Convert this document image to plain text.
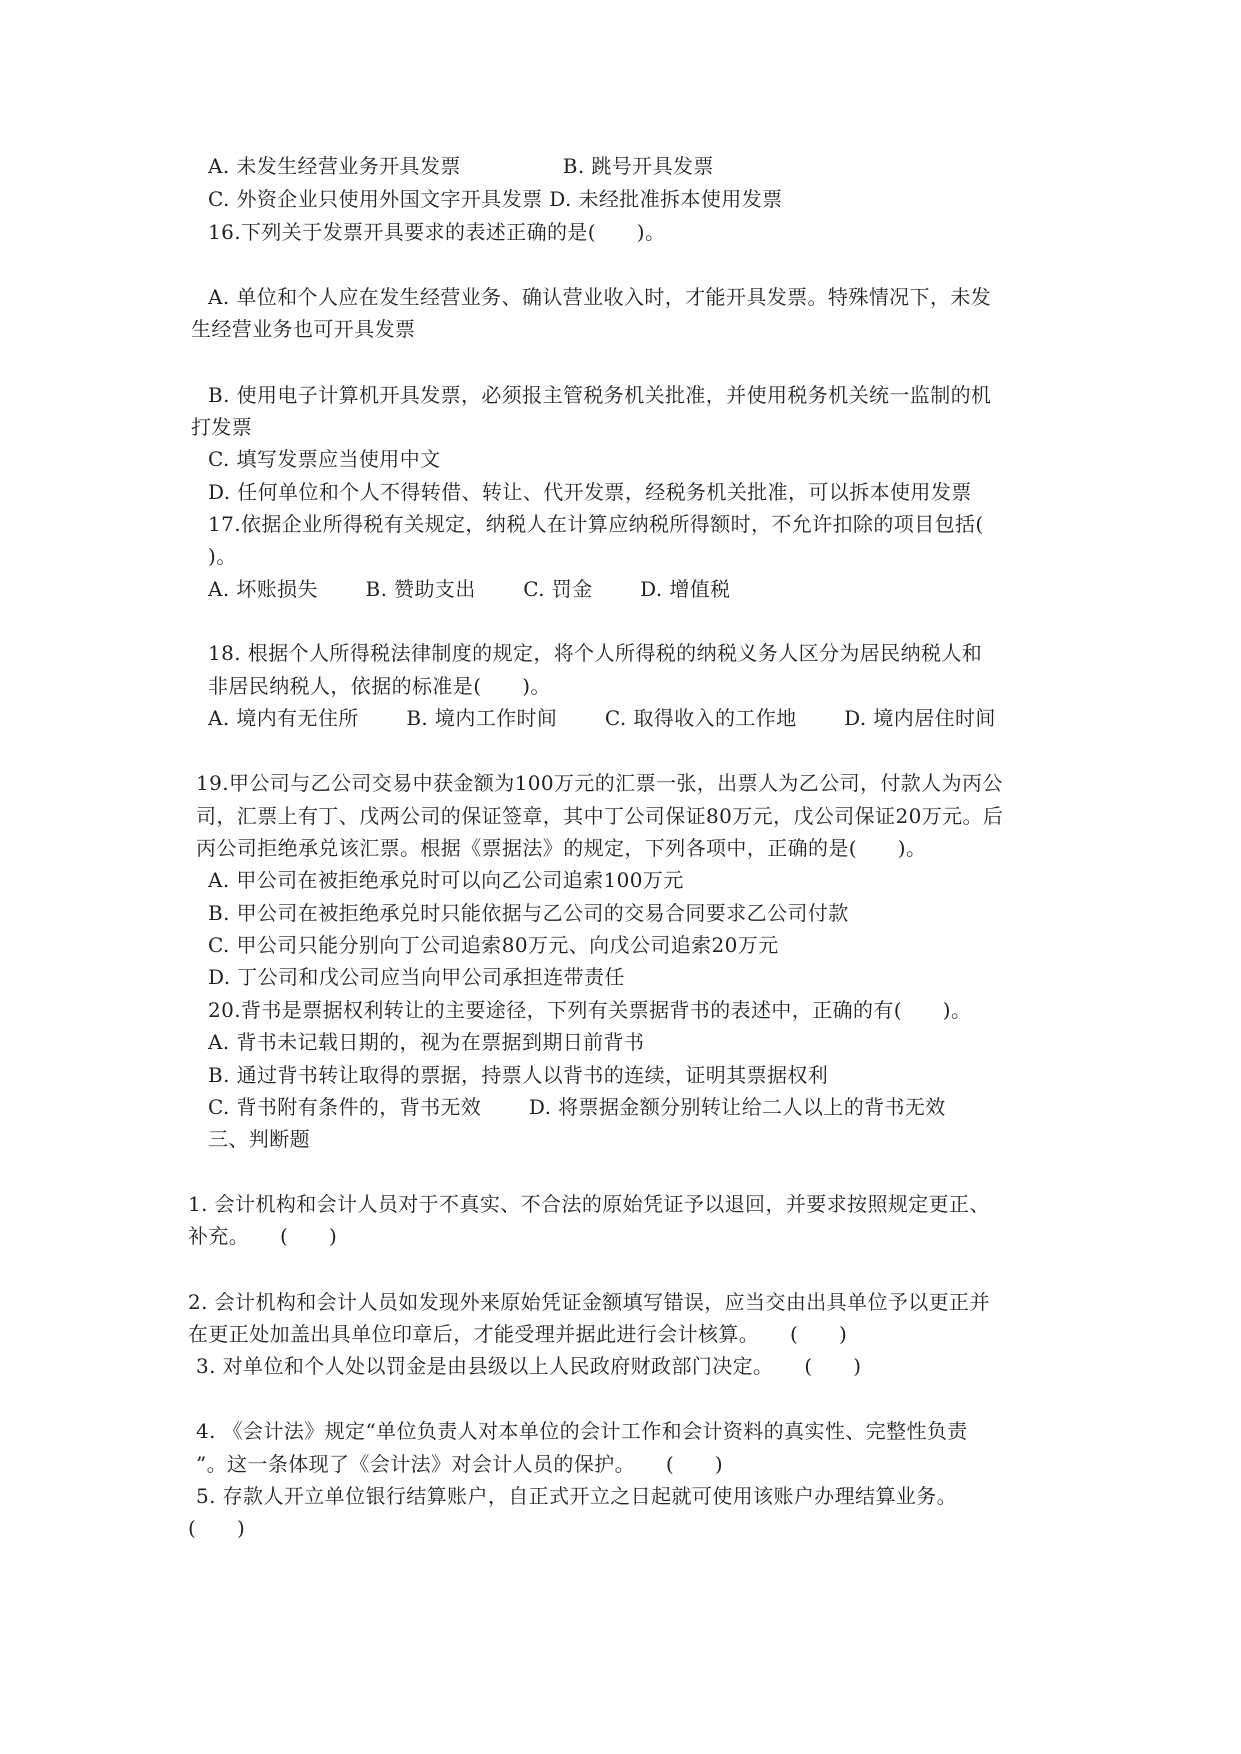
A. 未发生经营业务开具发票　　　　　B. 跳号开具发票
C. 外资企业只使用外国文字开具发票 D. 未经批准拆本使用发票
16.下列关于发票开具要求的表述正确的是(　　)。
A. 单位和个人应在发生经营业务、确认营业收入时，才能开具发票。特殊情况下，未发
生经营业务也可开具发票
B. 使用电子计算机开具发票，必须报主管税务机关批准，并使用税务机关统一监制的机
打发票
C. 填写发票应当使用中文
D. 任何单位和个人不得转借、转让、代开发票，经税务机关批准，可以拆本使用发票
17.依据企业所得税有关规定，纳税人在计算应纳税所得额时，不允许扣除的项目包括(
)。
A. 坏账损失　　 B. 赞助支出　　 C. 罚金　　 D. 增值税
18. 根据个人所得税法律制度的规定，将个人所得税的纳税义务人区分为居民纳税人和
非居民纳税人，依据的标准是(　　)。
A. 境内有无住所　　 B. 境内工作时间　　 C. 取得收入的工作地　　 D. 境内居住时间
19.甲公司与乙公司交易中获金额为100万元的汇票一张，出票人为乙公司，付款人为丙公
司，汇票上有丁、戊两公司的保证签章，其中丁公司保证80万元，戊公司保证20万元。后
丙公司拒绝承兑该汇票。根据《票据法》的规定，下列各项中，正确的是(　　)。
A. 甲公司在被拒绝承兑时可以向乙公司追索100万元
B. 甲公司在被拒绝承兑时只能依据与乙公司的交易合同要求乙公司付款
C. 甲公司只能分别向丁公司追索80万元、向戊公司追索20万元
D. 丁公司和戊公司应当向甲公司承担连带责任
20.背书是票据权利转让的主要途径，下列有关票据背书的表述中，正确的有(　　)。
A. 背书未记载日期的，视为在票据到期日前背书
B. 通过背书转让取得的票据，持票人以背书的连续，证明其票据权利
C. 背书附有条件的，背书无效　　 D. 将票据金额分别转让给二人以上的背书无效
三、判断题
1. 会计机构和会计人员对于不真实、不合法的原始凭证予以退回，并要求按照规定更正、
补充。　　(　　)
2. 会计机构和会计人员如发现外来原始凭证金额填写错误，应当交由出具单位予以更正并
在更正处加盖出具单位印章后，才能受理并据此进行会计核算。　　(　　)
3. 对单位和个人处以罚金是由县级以上人民政府财政部门决定。　　(　　)
4. 《会计法》规定“单位负责人对本单位的会计工作和会计资料的真实性、完整性负责
”。这一条体现了《会计法》对会计人员的保护。　　(　　)
5. 存款人开立单位银行结算账户，自正式开立之日起就可使用该账户办理结算业务。
(　　)
